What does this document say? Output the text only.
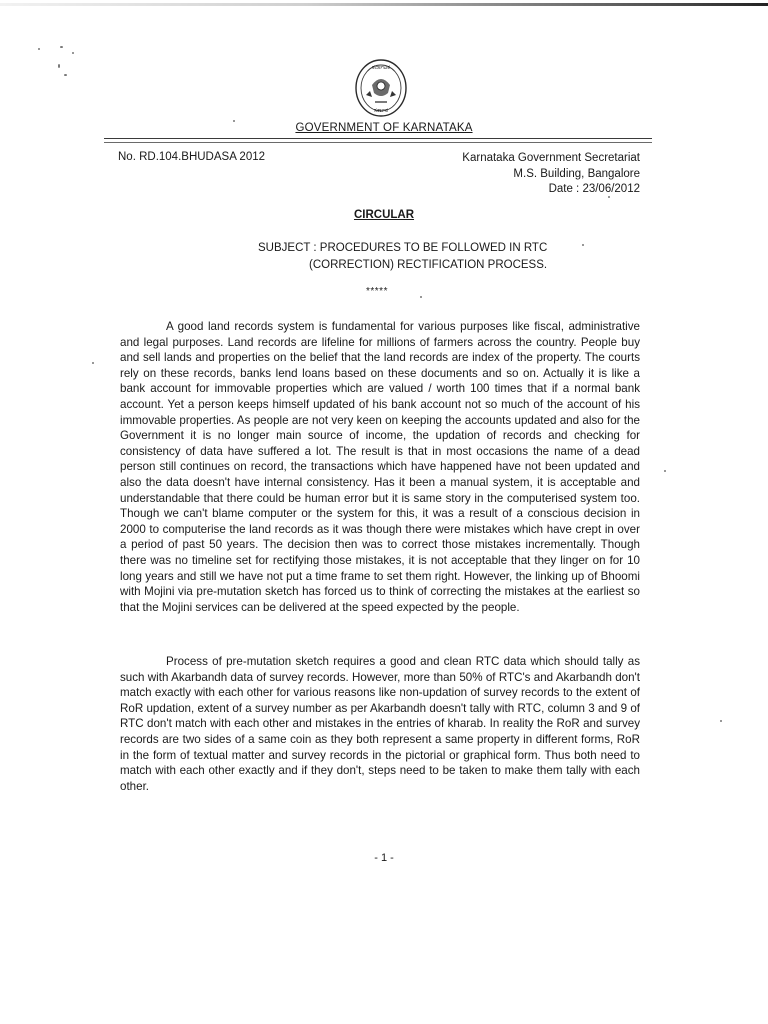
ಕರ್ನಾಟಕ
ಸರ್ಕಾರ
GOVERNMENT OF KARNATAKA
No. RD.104.BHUDASA 2012	Karnataka Government Secretariat
M.S. Building, Bangalore
Date : 23/06/2012
CIRCULAR
SUBJECT : PROCEDURES TO BE FOLLOWED IN RTC
(CORRECTION) RECTIFICATION PROCESS.
*****

A good land records system is fundamental for various purposes like fiscal, administrative and legal purposes. Land records are lifeline for millions of farmers across the country. People buy and sell lands and properties on the belief that the land records are index of the property. The courts rely on these records, banks lend loans based on these documents and so on. Actually it is like a bank account for immovable properties which are valued / worth 100 times that if a normal bank account. Yet a person keeps himself updated of his bank account not so much of the account of his immovable properties. As people are not very keen on keeping the accounts updated and also for the Government it is no longer main source of income, the updation of records and checking for consistency of data have suffered a lot. The result is that in most occasions the name of a dead person still continues on record, the transactions which have happened have not been updated and also the data doesn't have internal consistency. Has it been a manual system, it is acceptable and understandable that there could be human error but it is same story in the computerised system too. Though we can't blame computer or the system for this, it was a result of a conscious decision in 2000 to computerise the land records as it was though there were mistakes which have crept in over a period of past 50 years. The decision then was to correct those mistakes incrementally. Though there was no timeline set for rectifying those mistakes, it is not acceptable that they linger on for 10 long years and still we have not put a time frame to set them right. However, the linking up of Bhoomi with Mojini via pre-mutation sketch has forced us to think of correcting the mistakes at the earliest so that the Mojini services can be delivered at the speed expected by the people.

Process of pre-mutation sketch requires a good and clean RTC data which should tally as such with Akarbandh data of survey records. However, more than 50% of RTC's and Akarbandh don't match exactly with each other for various reasons like non-updation of survey records to the extent of RoR updation, extent of a survey number as per Akarbandh doesn't tally with RTC, column 3 and 9 of RTC don't match with each other and mistakes in the entries of kharab. In reality the RoR and survey records are two sides of a same coin as they both represent a same property in different forms, RoR in the form of textual matter and survey records in the pictorial or graphical form. Thus both need to match with each other exactly and if they don't, steps need to be taken to make them tally with each other.

- 1 -
